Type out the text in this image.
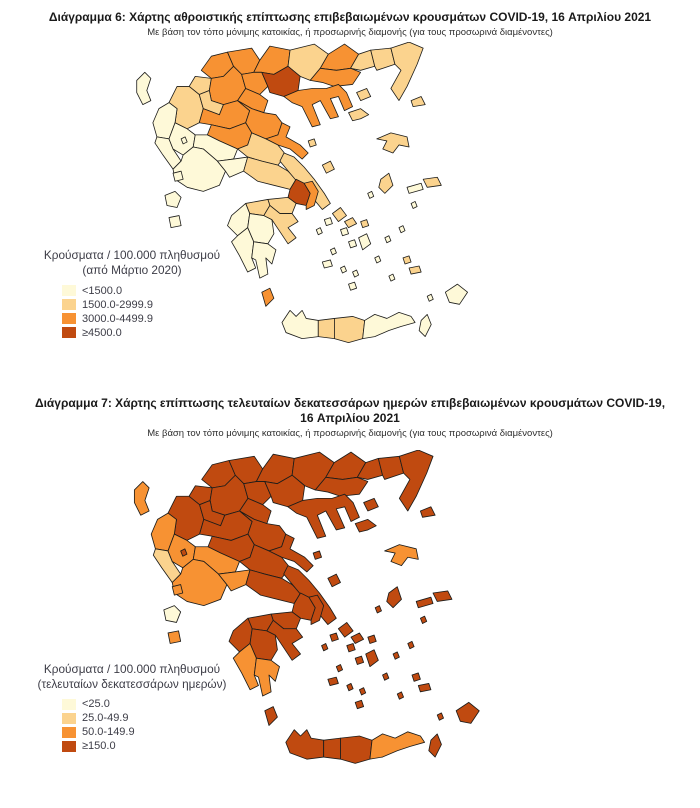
Διάγραμμα 6: Χάρτης αθροιστικής επίπτωσης επιβεβαιωμένων κρουσμάτων COVID-19, 16 Απριλίου 2021
Με βάση τον τόπο μόνιμης κατοικίας, ή προσωρινής διαμονής (για τους προσωρινά διαμένοντες)
Κρούσματα / 100.000 πληθυσμού
(από Μάρτιο 2020)
<1500.0
1500.0-2999.9
3000.0-4499.9
≥4500.0
Διάγραμμα 7: Χάρτης επίπτωσης τελευταίων δεκατεσσάρων ημερών επιβεβαιωμένων κρουσμάτων COVID-19, 16 Απριλίου 2021
Με βάση τον τόπο μόνιμης κατοικίας, ή προσωρινής διαμονής (για τους προσωρινά διαμένοντες)
Κρούσματα / 100.000 πληθυσμού
(τελευταίων δεκατεσσάρων ημερών)
<25.0
25.0-49.9
50.0-149.9
≥150.0
